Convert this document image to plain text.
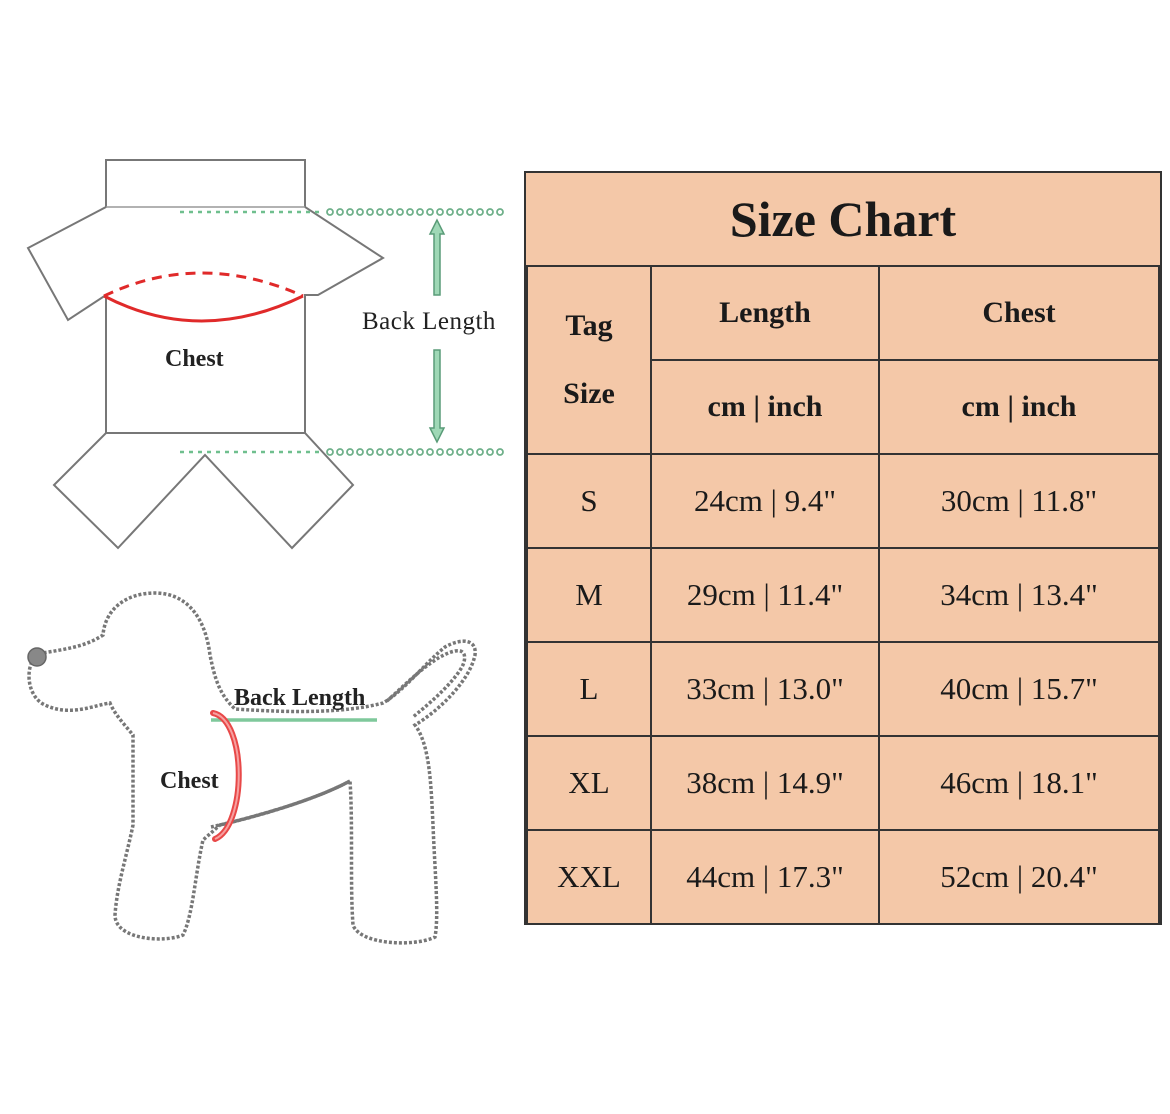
Back Length
Chest
Back Length
Chest
Size Chart		

Tag
Size	Length	Chest
	cm | inch	cm | inch
S	24cm | 9.4"	30cm | 11.8"
M	29cm | 11.4"	34cm | 13.4"
L	33cm | 13.0"	40cm | 15.7"
XL	38cm | 14.9"	46cm | 18.1"
XXL	44cm | 17.3"	52cm | 20.4"
